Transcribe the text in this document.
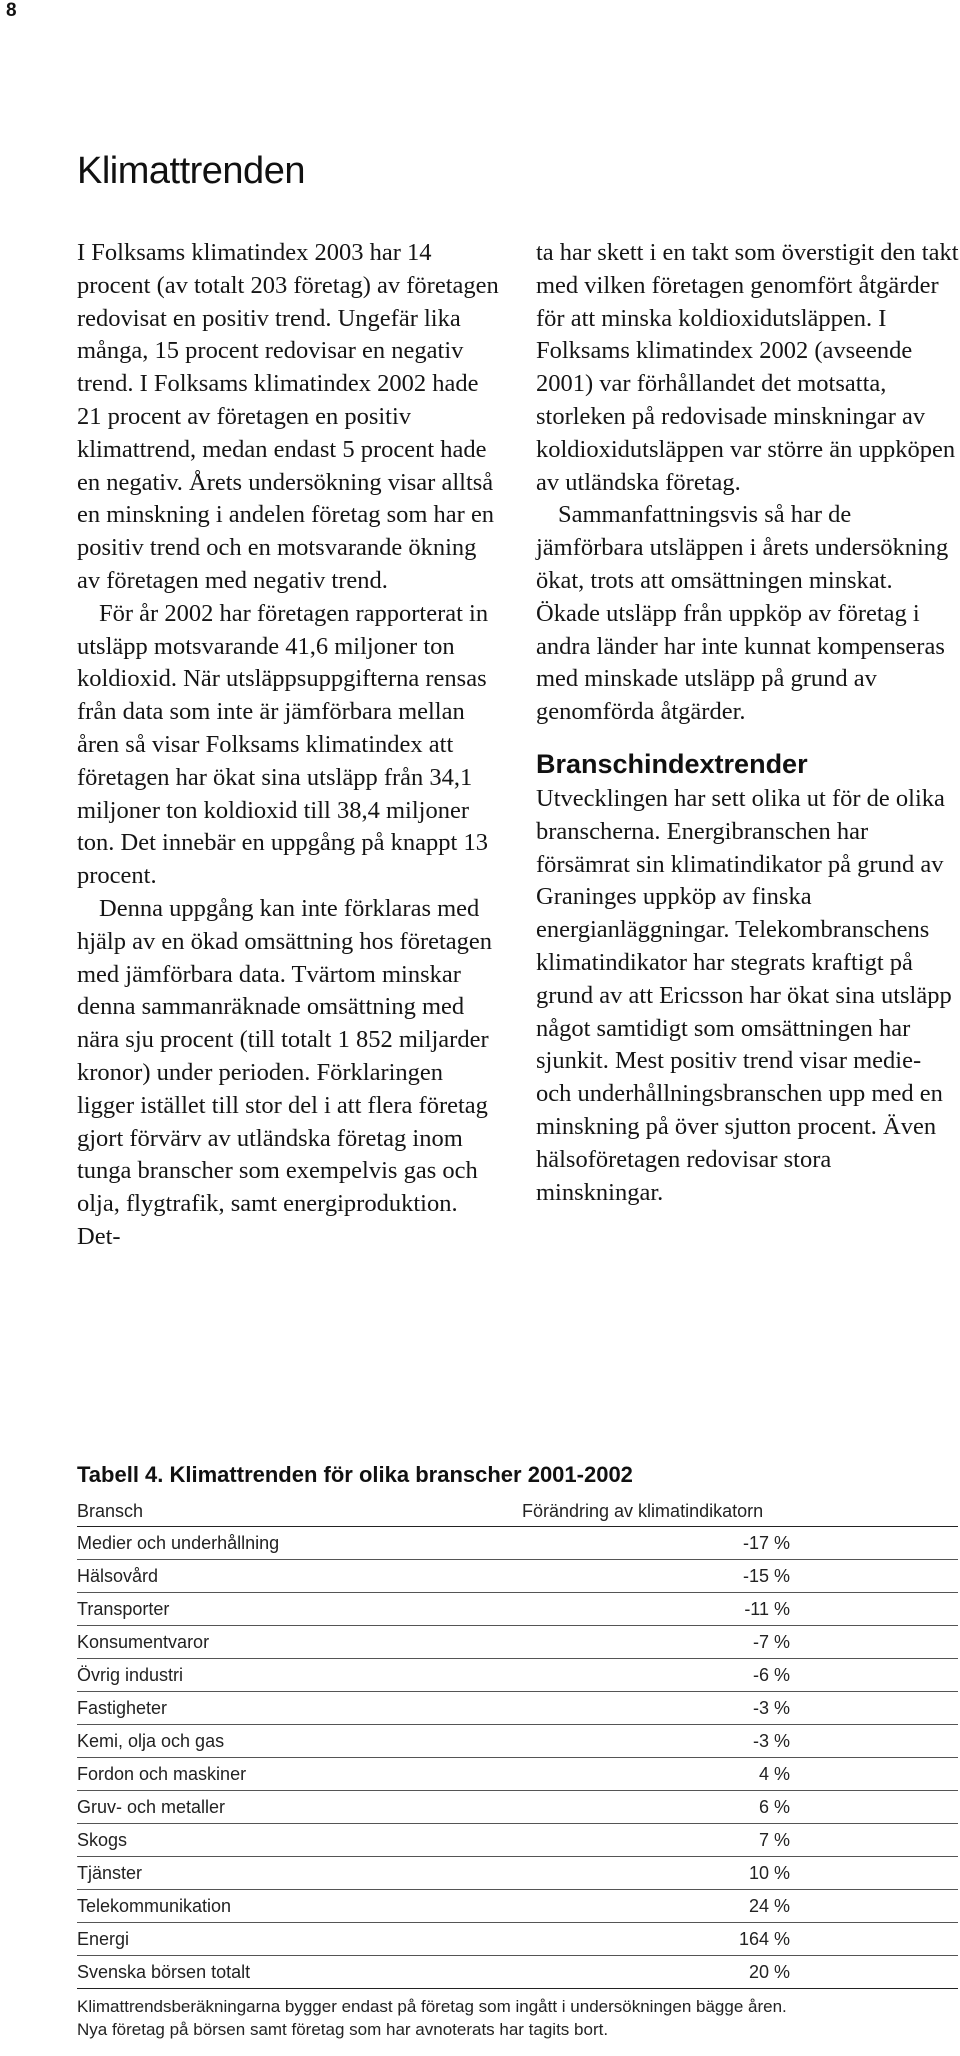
8
Klimattrenden

I Folksams klimatindex 2003 har 14 procent (av totalt 203 företag) av företagen redovisat en positiv trend. Ungefär lika många, 15 procent redovisar en negativ trend. I Folksams klimatindex 2002 hade 21 procent av företagen en positiv klimattrend, medan endast 5 procent hade en negativ. Årets undersökning visar alltså en minskning i andelen företag som har en positiv trend och en motsvarande ökning av företagen med negativ trend.

För år 2002 har företagen rapporterat in utsläpp motsvarande 41,6 miljoner ton koldioxid. När utsläppsuppgifterna rensas från data som inte är jämförbara mellan åren så visar Folksams klimatindex att företagen har ökat sina utsläpp från 34,1 miljoner ton koldioxid till 38,4 miljoner ton. Det innebär en uppgång på knappt 13 procent.

Denna uppgång kan inte förklaras med hjälp av en ökad omsättning hos företagen med jämförbara data. Tvärtom minskar denna sammanräknade omsättning med nära sju procent (till totalt 1 852 miljarder kronor) under perioden. Förklaringen ligger istället till stor del i att flera företag gjort förvärv av utländska företag inom tunga branscher som exempelvis gas och olja, flygtrafik, samt energiproduktion. Det-

ta har skett i en takt som överstigit den takt med vilken företagen genomfört åtgärder för att minska koldioxidutsläppen. I Folksams klimatindex 2002 (avseende 2001) var förhållandet det motsatta, storleken på redovisade minskningar av koldioxidutsläppen var större än uppköpen av utländska företag.

Sammanfattningsvis så har de jämförbara utsläppen i årets undersökning ökat, trots att omsättningen minskat. Ökade utsläpp från uppköp av företag i andra länder har inte kunnat kompenseras med minskade utsläpp på grund av genomförda åtgärder.

Branschindextrender

Utvecklingen har sett olika ut för de olika branscherna. Energibranschen har försämrat sin klimatindikator på grund av Graninges uppköp av finska energianläggningar. Telekombranschens klimatindikator har stegrats kraftigt på grund av att Ericsson har ökat sina utsläpp något samtidigt som omsättningen har sjunkit. Mest positiv trend visar medie- och underhållningsbranschen upp med en minskning på över sjutton procent. Även hälsoföretagen redovisar stora minskningar.

Tabell 4. Klimattrenden för olika branscher 2001-2002
Bransch	Förändring av klimatindikatorn
Medier och underhållning	-17 %
Hälsovård	-15 %
Transporter	-11 %
Konsumentvaror	-7 %
Övrig industri	-6 %
Fastigheter	-3 %
Kemi, olja och gas	-3 %
Fordon och maskiner	4 %
Gruv- och metaller	6 %
Skogs	7 %
Tjänster	10 %
Telekommunikation	24 %
Energi	164 %
Svenska börsen totalt	20 %
Klimattrendsberäkningarna bygger endast på företag som ingått i undersökningen bägge åren.
Nya företag på börsen samt företag som har avnoterats har tagits bort.
